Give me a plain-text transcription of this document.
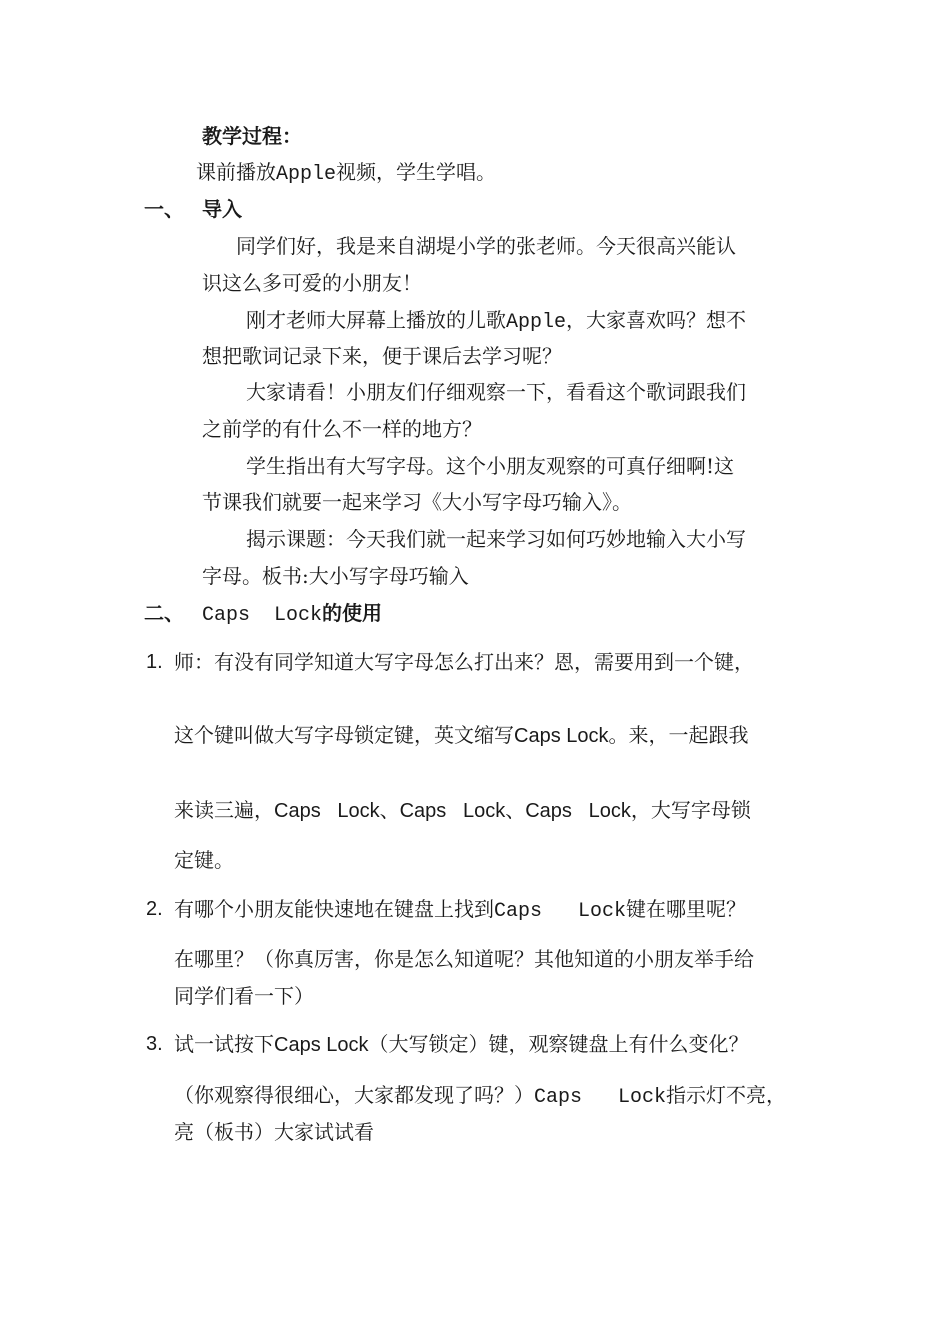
教学过程：
课前播放Apple视频，学生学唱。
一、 导入
同学们好，我是来自湖堤小学的张老师。今天很高兴能认
识这么多可爱的小朋友！
刚才老师大屏幕上播放的儿歌Apple，大家喜欢吗？想不
想把歌词记录下来，便于课后去学习呢？
大家请看！小朋友们仔细观察一下，看看这个歌词跟我们
之前学的有什么不一样的地方？
学生指出有大写字母。这个小朋友观察的可真仔细啊!这
节课我们就要一起来学习《大小写字母巧输入》。
揭示课题：今天我们就一起来学习如何巧妙地输入大小写
字母。板书:大小写字母巧输入
二、 Caps  Lock的使用
1. 师：有没有同学知道大写字母怎么打出来？恩，需要用到一个键，
这个键叫做大写字母锁定键，英文缩写Caps Lock。来，一起跟我
来读三遍，Caps   Lock、Caps   Lock、Caps   Lock，大写字母锁
定键。
2. 有哪个小朋友能快速地在键盘上找到Caps   Lock键在哪里呢？
在哪里？（你真厉害，你是怎么知道呢？其他知道的小朋友举手给
同学们看一下）
3. 试一试按下Caps Lock（大写锁定）键，观察键盘上有什么变化？
（你观察得很细心，大家都发现了吗？）Caps   Lock指示灯不亮，
亮（板书）大家试试看
